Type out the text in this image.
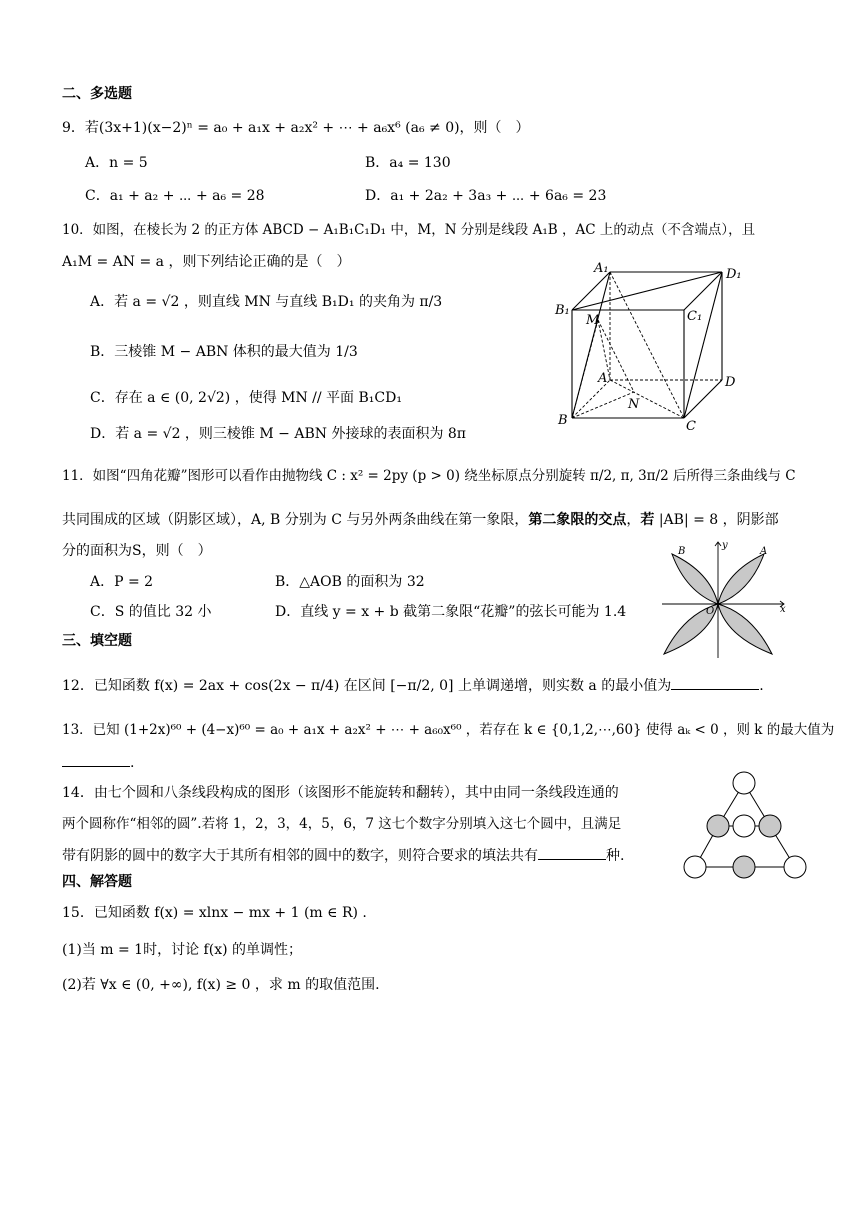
二、多选题
9．若(3x+1)(x−2)ⁿ = a₀ + a₁x + a₂x² + ⋯ + a₆x⁶ (a₆ ≠ 0)，则（　）
A．n = 5	B．a₄ = 130
C．a₁ + a₂ + ⋯ + a₆ = 28	D．a₁ + 2a₂ + 3a₃ + ⋯ + 6a₆ = 23
10．如图，在棱长为 2 的正方体 ABCD − A₁B₁C₁D₁ 中，M，N 分别是线段 A₁B ，AC 上的动点（不含端点），且
A₁M = AN = a ，则下列结论正确的是（　）
A．若 a = √2 ，则直线 MN 与直线 B₁D₁ 的夹角为 π/3
B．三棱锥 M − ABN 体积的最大值为 1/3
C．存在 a ∈ (0, 2√2) ，使得 MN // 平面 B₁CD₁
D．若 a = √2 ，则三棱锥 M − ABN 外接球的表面积为 8π
A₁	D₁
B₁	C₁
M
A	D
N
B	C
11．如图“四角花瓣”图形可以看作由抛物线 C : x² = 2py (p > 0) 绕坐标原点分别旋转 π/2, π, 3π/2 后所得三条曲线与 C
共同围成的区域（阴影区域），A, B 分别为 C 与另外两条曲线在第一象限，第二象限的交点，若 |AB| = 8 ，阴影部
分的面积为S，则（　）
A．P = 2	B．△AOB 的面积为 32
C．S 的值比 32 小	D．直线 y = x + b 截第二象限“花瓣”的弦长可能为 1.4
A
B
O	x
y
三、填空题
12．已知函数 f(x) = 2ax + cos(2x − π/4) 在区间 [−π/2, 0] 上单调递增，则实数 a 的最小值为	.
13．已知 (1+2x)⁶⁰ + (4−x)⁶⁰ = a₀ + a₁x + a₂x² + ⋯ + a₆₀x⁶⁰ ，若存在 k ∈ {0,1,2,⋯,60} 使得 aₖ < 0 ，则 k 的最大值为
.
14．由七个圆和八条线段构成的图形（该图形不能旋转和翻转），其中由同一条线段连通的
两个圆称作“相邻的圆”.若将 1，2，3，4，5，6，7 这七个数字分别填入这七个圆中，且满足
带有阴影的圆中的数字大于其所有相邻的圆中的数字，则符合要求的填法共有	种.
四、解答题
15．已知函数 f(x) = xlnx − mx + 1 (m ∈ R) .
(1)当 m = 1时，讨论 f(x) 的单调性；
(2)若 ∀x ∈ (0, +∞), f(x) ≥ 0 ，求 m 的取值范围.
